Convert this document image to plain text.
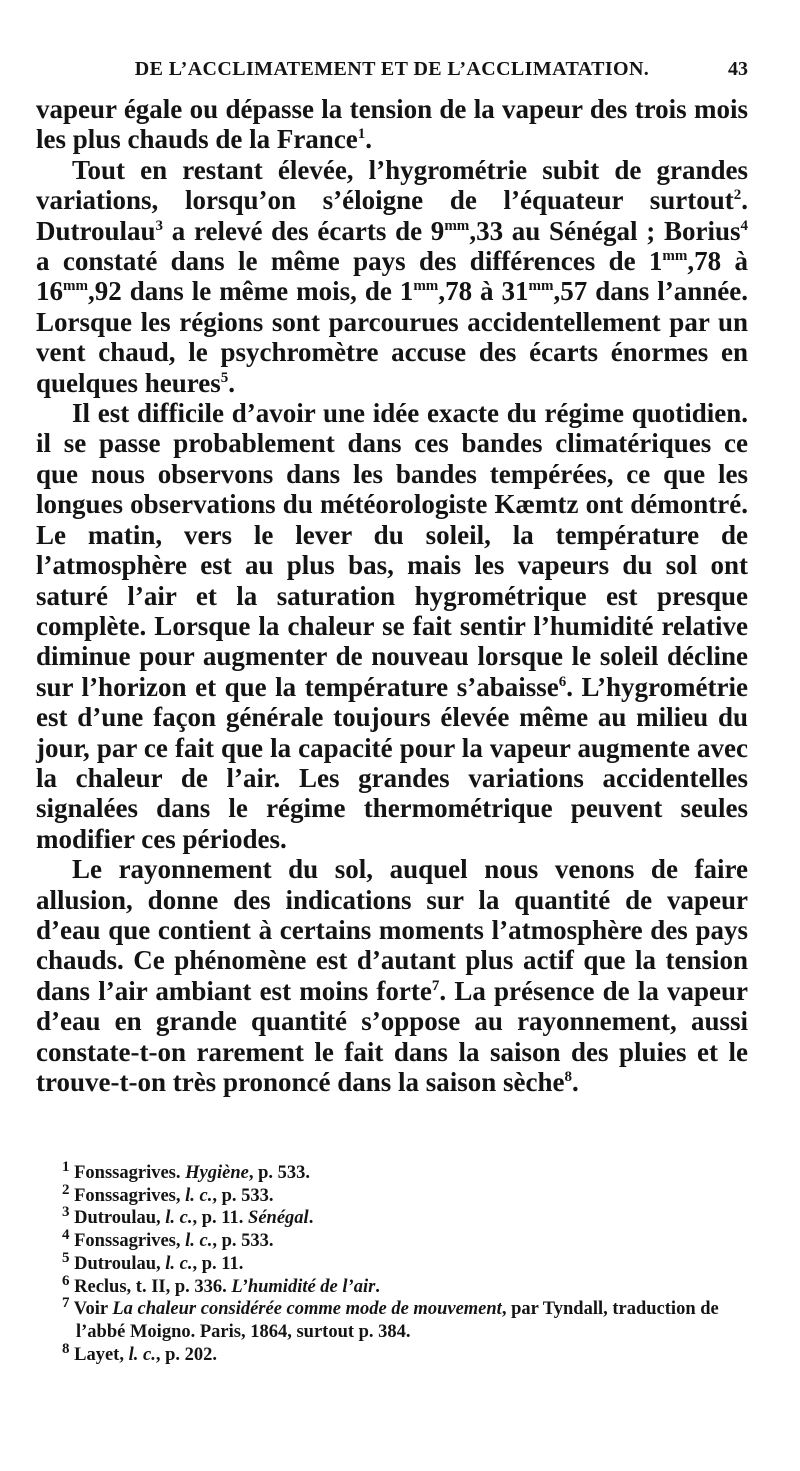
DE L’ACCLIMATEMENT ET DE L’ACCLIMATATION.	43

vapeur égale ou dépasse la tension de la vapeur des trois mois les plus chauds de la France$^1$.

Tout en restant élevée, l’hygrométrie subit de grandes variations, lorsqu’on s’éloigne de l’équateur surtout$^2$. Dutroulau$^3$ a relevé des écarts de $9^{mm},33$ au Sénégal ; Borius$^4$ a constaté dans le même pays des différences de $1^{mm},78$ à $16^{mm},92$ dans le même mois, de $1^{mm},78$ à $31^{mm},57$ dans l’année. Lorsque les régions sont parcourues accidentellement par un vent chaud, le psychromètre accuse des écarts énormes en quelques heures$^5$.

Il est difficile d’avoir une idée exacte du régime quotidien. il se passe probablement dans ces bandes climatériques ce que nous observons dans les bandes tempérées, ce que les longues observations du météorologiste Kæmtz ont démontré. Le matin, vers le lever du soleil, la température de l’atmosphère est au plus bas, mais les vapeurs du sol ont saturé l’air et la saturation hygrométrique est presque complète. Lorsque la chaleur se fait sentir l’humidité relative diminue pour augmenter de nouveau lorsque le soleil décline sur l’horizon et que la température s’abaisse$^6$. L’hygrométrie est d’une façon générale toujours élevée même au milieu du jour, par ce fait que la capacité pour la vapeur augmente avec la chaleur de l’air. Les grandes variations accidentelles signalées dans le régime thermométrique peuvent seules modifier ces périodes.

Le rayonnement du sol, auquel nous venons de faire allusion, donne des indications sur la quantité de vapeur d’eau que contient à certains moments l’atmosphère des pays chauds. Ce phénomène est d’autant plus actif que la tension dans l’air ambiant est moins forte$^7$. La présence de la vapeur d’eau en grande quantité s’oppose au rayonnement, aussi constate-t-on rarement le fait dans la saison des pluies et le trouve-t-on très prononcé dans la saison sèche$^8$.

$^1$ Fonssagrives. Hygiène, p. 533.

$^2$ Fonssagrives, l. c., p. 533.

$^3$ Dutroulau, l. c., p. 11. Sénégal.

$^4$ Fonssagrives, l. c., p. 533.

$^5$ Dutroulau, l. c., p. 11.

$^6$ Reclus, t. II, p. 336. L’humidité de l’air.

$^7$ Voir La chaleur considérée comme mode de mouvement, par Tyndall, traduction de l’abbé Moigno. Paris, 1864, surtout p. 384.

$^8$ Layet, l. c., p. 202.
